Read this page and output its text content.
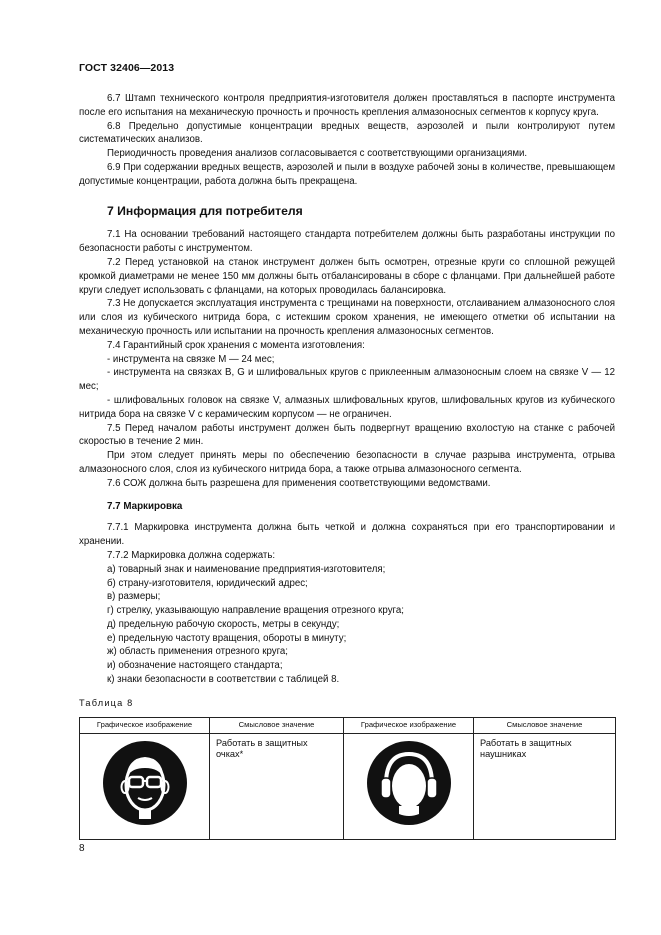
ГОСТ 32406—2013

6.7 Штамп технического контроля предприятия-изготовителя должен проставляться в паспорте инструмента после его испытания на механическую прочность и прочность крепления алмазоносных сегментов к корпусу круга.

6.8 Предельно допустимые концентрации вредных веществ, аэрозолей и пыли контролируют путем систематических анализов.

Периодичность проведения анализов согласовывается с соответствующими организациями.

6.9 При содержании вредных веществ, аэрозолей и пыли в воздухе рабочей зоны в количестве, превышающем допустимые концентрации, работа должна быть прекращена.

7 Информация для потребителя

7.1 На основании требований настоящего стандарта потребителем должны быть разработаны инструкции по безопасности работы с инструментом.

7.2 Перед установкой на станок инструмент должен быть осмотрен, отрезные круги со сплошной режущей кромкой диаметрами не менее 150 мм должны быть отбалансированы в сборе с фланцами. При дальнейшей работе круги следует использовать с фланцами, на которых проводилась балансировка.

7.3 Не допускается эксплуатация инструмента с трещинами на поверхности, отслаиванием алмазоносного слоя или слоя из кубического нитрида бора, с истекшим сроком хранения, не имеющего отметки об испытании на механическую прочность или испытании на прочность крепления алмазоносных сегментов.

7.4 Гарантийный срок хранения с момента изготовления:

- инструмента на связке М — 24 мес;

- инструмента на связках В, G и шлифовальных кругов с приклеенным алмазоносным слоем на связке V — 12 мес;

- шлифовальных головок на связке V, алмазных шлифовальных кругов, шлифовальных кругов из кубического нитрида бора на связке V с керамическим корпусом — не ограничен.

7.5 Перед началом работы инструмент должен быть подвергнут вращению вхолостую на станке с рабочей скоростью в течение 2 мин.

При этом следует принять меры по обеспечению безопасности в случае разрыва инструмента, отрыва алмазоносного слоя, слоя из кубического нитрида бора, а также отрыва алмазоносного сегмента.

7.6 СОЖ должна быть разрешена для применения соответствующими ведомствами.

7.7 Маркировка

7.7.1 Маркировка инструмента должна быть четкой и должна сохраняться при его транспортировании и хранении.

7.7.2 Маркировка должна содержать:

а) товарный знак и наименование предприятия-изготовителя;
б) страну-изготовителя, юридический адрес;
в) размеры;
г) стрелку, указывающую направление вращения отрезного круга;
д) предельную рабочую скорость, метры в секунду;
е) предельную частоту вращения, обороты в минуту;
ж) область применения отрезного круга;
и) обозначение настоящего стандарта;
к) знаки безопасности в соответствии с таблицей 8.
Таблица 8
Графическое изображение	Смысловое значение	Графическое изображение	Смысловое значение
	Работать в защитных очках*		Работать в защитных наушниках
8
